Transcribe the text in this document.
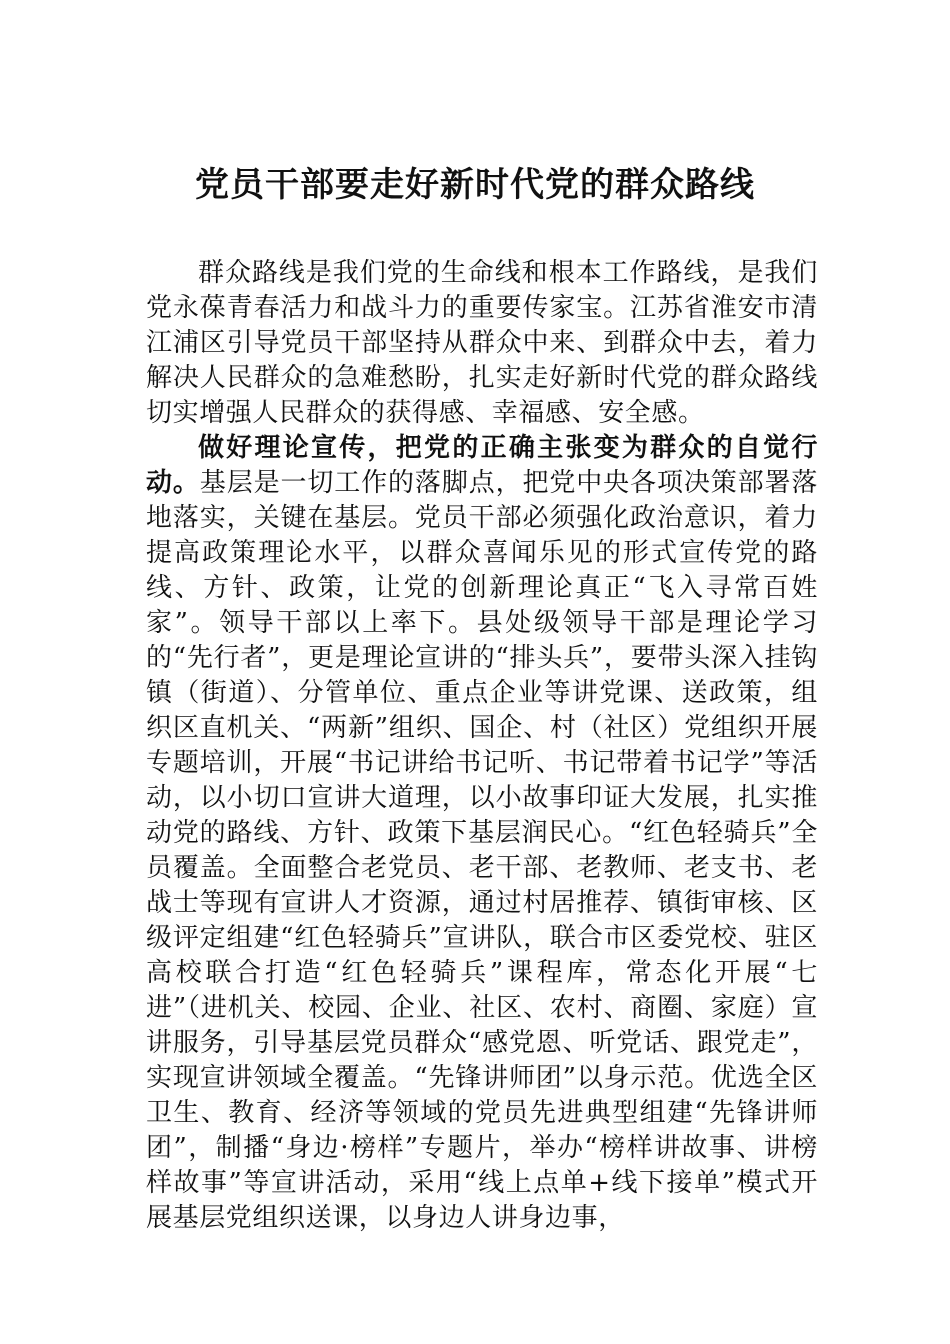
党员干部要走好新时代党的群众路线

群众路线是我们党的生命线和根本工作路线，是我们党永葆青春活力和战斗力的重要传家宝。江苏省淮安市清江浦区引导党员干部坚持从群众中来、到群众中去，着力解决人民群众的急难愁盼，扎实走好新时代党的群众路线切实增强人民群众的获得感、幸福感、安全感。

做好理论宣传，把党的正确主张变为群众的自觉行动。基层是一切工作的落脚点，把党中央各项决策部署落地落实，关键在基层。党员干部必须强化政治意识，着力提高政策理论水平，以群众喜闻乐见的形式宣传党的路线、方针、政策，让党的创新理论真正“飞入寻常百姓家”。领导干部以上率下。县处级领导干部是理论学习的“先行者”，更是理论宣讲的“排头兵”，要带头深入挂钩镇（街道）、分管单位、重点企业等讲党课、送政策，组织区直机关、“两新”组织、国企、村（社区）党组织开展专题培训，开展“书记讲给书记听、书记带着书记学”等活动，以小切口宣讲大道理，以小故事印证大发展，扎实推动党的路线、方针、政策下基层润民心。“红色轻骑兵”全员覆盖。全面整合老党员、老干部、老教师、老支书、老战士等现有宣讲人才资源，通过村居推荐、镇街审核、区级评定组建“红色轻骑兵”宣讲队，联合市区委党校、驻区高校联合打造“红色轻骑兵”课程库，常态化开展“七进”（进机关、校园、企业、社区、农村、商圈、家庭）宣讲服务，引导基层党员群众“感党恩、听党话、跟党走”，实现宣讲领域全覆盖。“先锋讲师团”以身示范。优选全区卫生、教育、经济等领域的党员先进典型组建“先锋讲师团”，制播“身边·榜样”专题片，举办“榜样讲故事、讲榜样故事”等宣讲活动，采用“线上点单+线下接单”模式开展基层党组织送课，以身边人讲身边事，
